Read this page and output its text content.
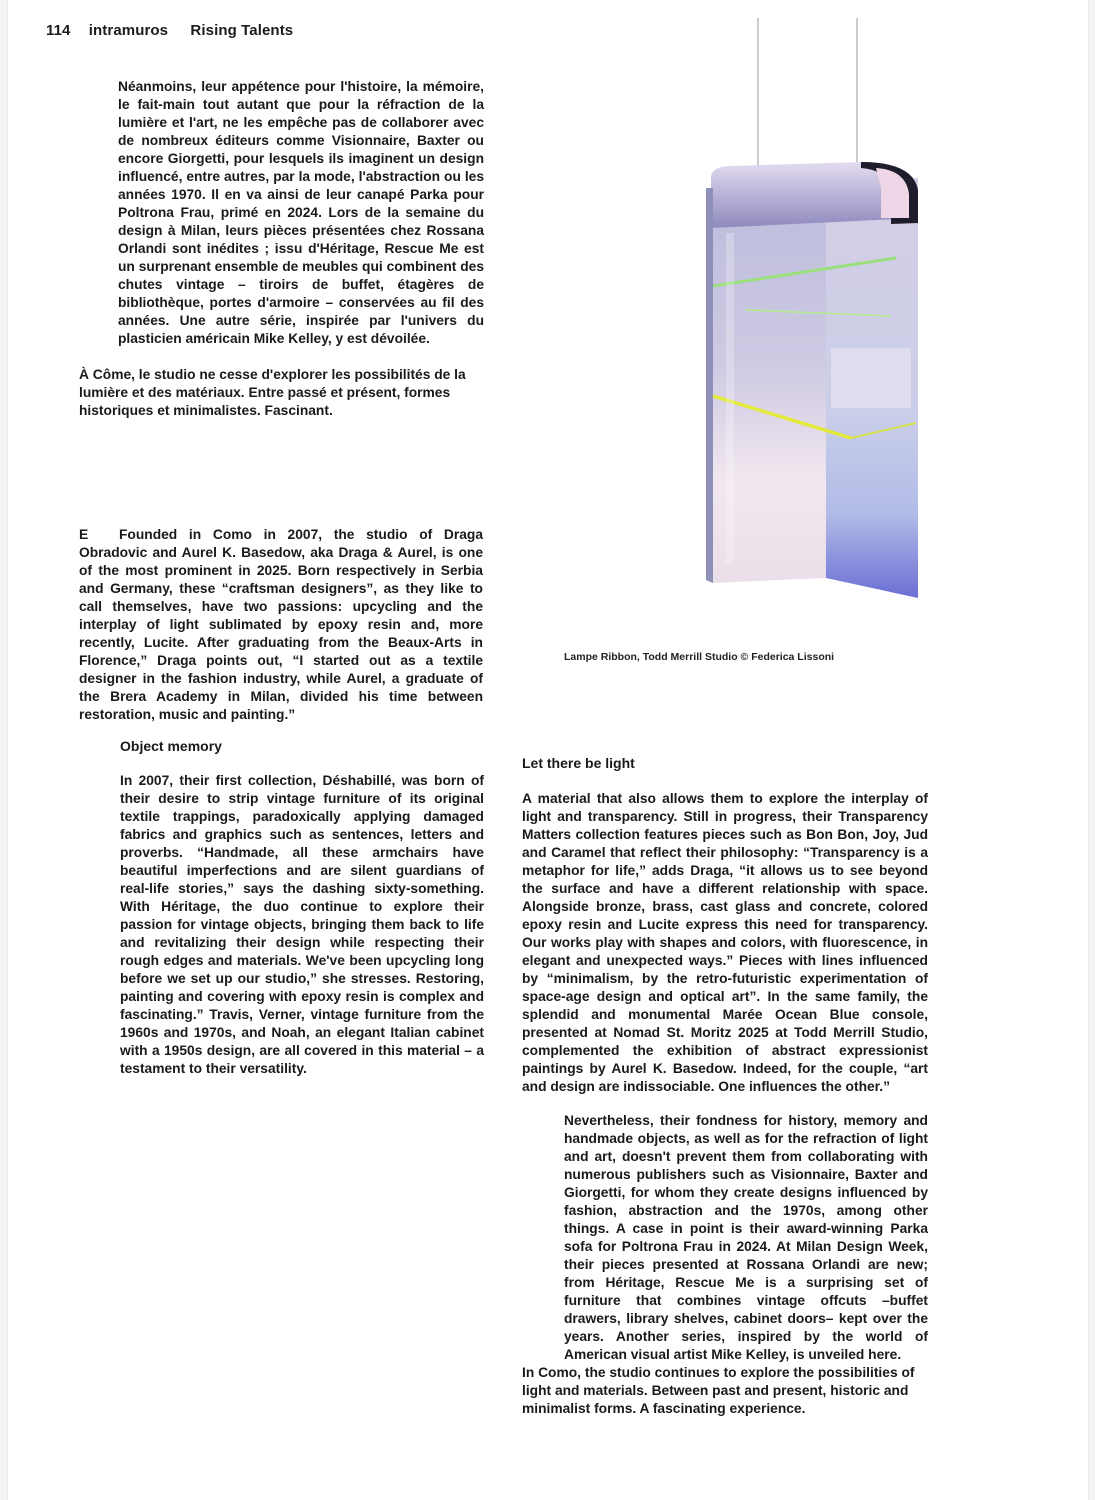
114 intramuros Rising Talents

Néanmoins, leur appétence pour l'histoire, la mémoire, le fait-main tout autant que pour la réfraction de la lumière et l'art, ne les empêche pas de collaborer avec de nombreux éditeurs comme Visionnaire, Baxter ou encore Giorgetti, pour lesquels ils imaginent un design influencé, entre autres, par la mode, l'abstraction ou les années 1970. Il en va ainsi de leur canapé Parka pour Poltrona Frau, primé en 2024. Lors de la semaine du design à Milan, leurs pièces présentées chez Rossana Orlandi sont inédites ; issu d'Héritage, Rescue Me est un surprenant ensemble de meubles qui combinent des chutes vintage – tiroirs de buffet, étagères de bibliothèque, portes d'armoire – conservées au fil des années. Une autre série, inspirée par l'univers du plasticien américain Mike Kelley, y est dévoilée.

À Côme, le studio ne cesse d'explorer les possibilités de la lumière et des matériaux. Entre passé et présent, formes historiques et minimalistes. Fascinant.

E Founded in Como in 2007, the studio of Draga Obradovic and Aurel K. Basedow, aka Draga & Aurel, is one of the most prominent in 2025. Born respectively in Serbia and Germany, these “craftsman designers”, as they like to call themselves, have two passions: upcycling and the interplay of light sublimated by epoxy resin and, more recently, Lucite. After graduating from the Beaux-Arts in Florence,” Draga points out, “I started out as a textile designer in the fashion industry, while Aurel, a graduate of the Brera Academy in Milan, divided his time between restoration, music and painting.”

Object memory

In 2007, their first collection, Déshabillé, was born of their desire to strip vintage furniture of its original textile trappings, paradoxically applying damaged fabrics and graphics such as sentences, letters and proverbs. “Handmade, all these armchairs have beautiful imperfections and are silent guardians of real-life stories,” says the dashing sixty-something. With Héritage, the duo continue to explore their passion for vintage objects, bringing them back to life and revitalizing their design while respecting their rough edges and materials. We've been upcycling long before we set up our studio,” she stresses. Restoring, painting and covering with epoxy resin is complex and fascinating.” Travis, Verner, vintage furniture from the 1960s and 1970s, and Noah, an elegant Italian cabinet with a 1950s design, are all covered in this material – a testament to their versatility.

Lampe Ribbon, Todd Merrill Studio © Federica Lissoni

Let there be light

A material that also allows them to explore the interplay of light and transparency. Still in progress, their Transparency Matters collection features pieces such as Bon Bon, Joy, Jud and Caramel that reflect their philosophy: “Transparency is a metaphor for life,” adds Draga, “it allows us to see beyond the surface and have a different relationship with space. Alongside bronze, brass, cast glass and concrete, colored epoxy resin and Lucite express this need for transparency. Our works play with shapes and colors, with fluorescence, in elegant and unexpected ways.” Pieces with lines influenced by “minimalism, by the retro-futuristic experimentation of space-age design and optical art”. In the same family, the splendid and monumental Marée Ocean Blue console, presented at Nomad St. Moritz 2025 at Todd Merrill Studio, complemented the exhibition of abstract expressionist paintings by Aurel K. Basedow. Indeed, for the couple, “art and design are indissociable. One influences the other.”

Nevertheless, their fondness for history, memory and handmade objects, as well as for the refraction of light and art, doesn't prevent them from collaborating with numerous publishers such as Visionnaire, Baxter and Giorgetti, for whom they create designs influenced by fashion, abstraction and the 1970s, among other things. A case in point is their award-winning Parka sofa for Poltrona Frau in 2024. At Milan Design Week, their pieces presented at Rossana Orlandi are new; from Héritage, Rescue Me is a surprising set of furniture that combines vintage offcuts –buffet drawers, library shelves, cabinet doors– kept over the years. Another series, inspired by the world of American visual artist Mike Kelley, is unveiled here.

In Como, the studio continues to explore the possibilities of light and materials. Between past and present, historic and minimalist forms. A fascinating experience.
